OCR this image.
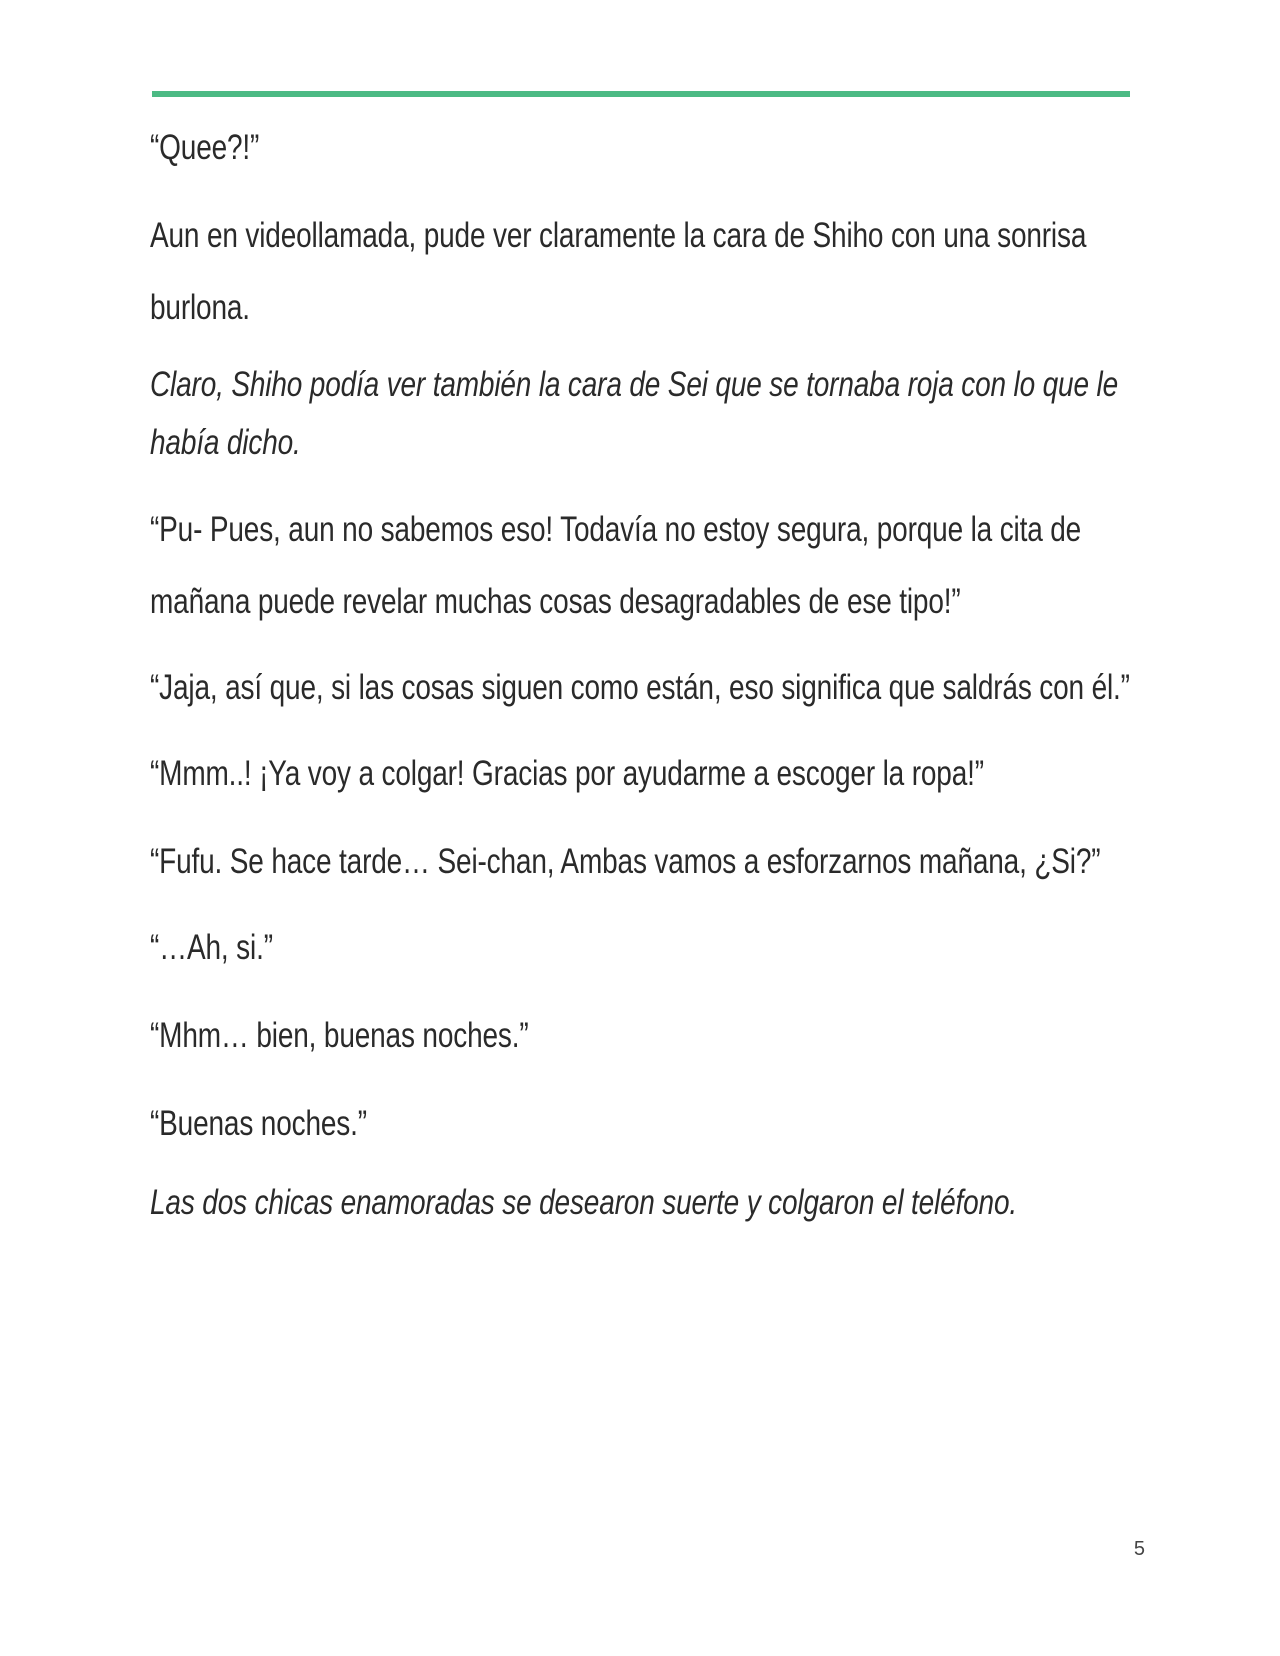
“Quee?!”

Aun en videollamada, pude ver claramente la cara de Shiho con una sonrisa burlona.

Claro, Shiho podía ver también la cara de Sei que se tornaba roja con lo que le había dicho.

“Pu- Pues, aun no sabemos eso! Todavía no estoy segura, porque la cita de mañana puede revelar muchas cosas desagradables de ese tipo!”

“Jaja, así que, si las cosas siguen como están, eso significa que saldrás con él.”

“Mmm..! ¡Ya voy a colgar! Gracias por ayudarme a escoger la ropa!”

“Fufu. Se hace tarde… Sei-chan, Ambas vamos a esforzarnos mañana, ¿Si?”

“…Ah, si.”

“Mhm… bien, buenas noches.”

“Buenas noches.”

Las dos chicas enamoradas se desearon suerte y colgaron el teléfono.

5
